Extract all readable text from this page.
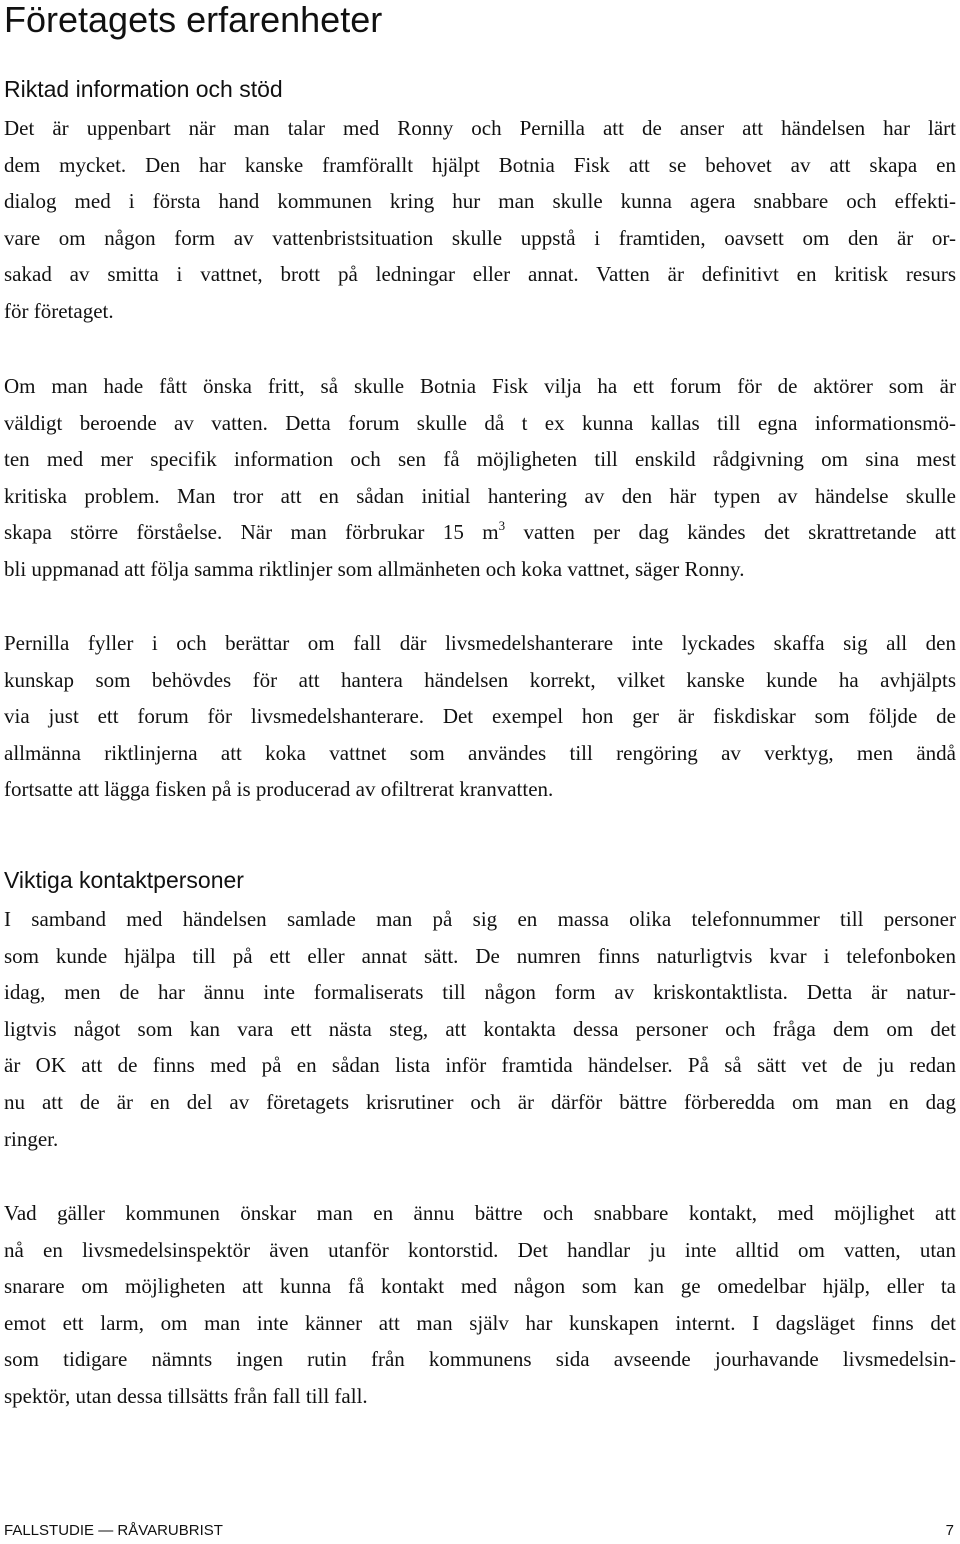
Företagets erfarenheter
Riktad information och stöd

Det är uppenbart när man talar med Ronny och Pernilla att de anser att händelsen har lärt
dem mycket. Den har kanske framförallt hjälpt Botnia Fisk att se behovet av att skapa en
dialog med i första hand kommunen kring hur man skulle kunna agera snabbare och effekti-
vare om någon form av vattenbristsituation skulle uppstå i framtiden, oavsett om den är or-
sakad av smitta i vattnet, brott på ledningar eller annat. Vatten är definitivt en kritisk resurs
för företaget.

Om man hade fått önska fritt, så skulle Botnia Fisk vilja ha ett forum för de aktörer som är
väldigt beroende av vatten. Detta forum skulle då t ex kunna kallas till egna informationsmö-
ten med mer specifik information och sen få möjligheten till enskild rådgivning om sina mest
kritiska problem. Man tror att en sådan initial hantering av den här typen av händelse skulle
skapa större förståelse. När man förbrukar 15 $m^3$ vatten per dag kändes det skrattretande att
bli uppmanad att följa samma riktlinjer som allmänheten och koka vattnet, säger Ronny.

Pernilla fyller i och berättar om fall där livsmedelshanterare inte lyckades skaffa sig all den
kunskap som behövdes för att hantera händelsen korrekt, vilket kanske kunde ha avhjälpts
via just ett forum för livsmedelshanterare. Det exempel hon ger är fiskdiskar som följde de
allmänna riktlinjerna att koka vattnet som användes till rengöring av verktyg, men ändå
fortsatte att lägga fisken på is producerad av ofiltrerat kranvatten.

Viktiga kontaktpersoner

I samband med händelsen samlade man på sig en massa olika telefonnummer till personer
som kunde hjälpa till på ett eller annat sätt. De numren finns naturligtvis kvar i telefonboken
idag, men de har ännu inte formaliserats till någon form av kriskontaktlista. Detta är natur-
ligtvis något som kan vara ett nästa steg, att kontakta dessa personer och fråga dem om det
är OK att de finns med på en sådan lista inför framtida händelser. På så sätt vet de ju redan
nu att de är en del av företagets krisrutiner och är därför bättre förberedda om man en dag
ringer.

Vad gäller kommunen önskar man en ännu bättre och snabbare kontakt, med möjlighet att
nå en livsmedelsinspektör även utanför kontorstid. Det handlar ju inte alltid om vatten, utan
snarare om möjligheten att kunna få kontakt med någon som kan ge omedelbar hjälp, eller ta
emot ett larm, om man inte känner att man själv har kunskapen internt. I dagsläget finns det
som tidigare nämnts ingen rutin från kommunens sida avseende jourhavande livsmedelsin-
spektör, utan dessa tillsätts från fall till fall.

FALLSTUDIE — RÅVARUBRIST	7
